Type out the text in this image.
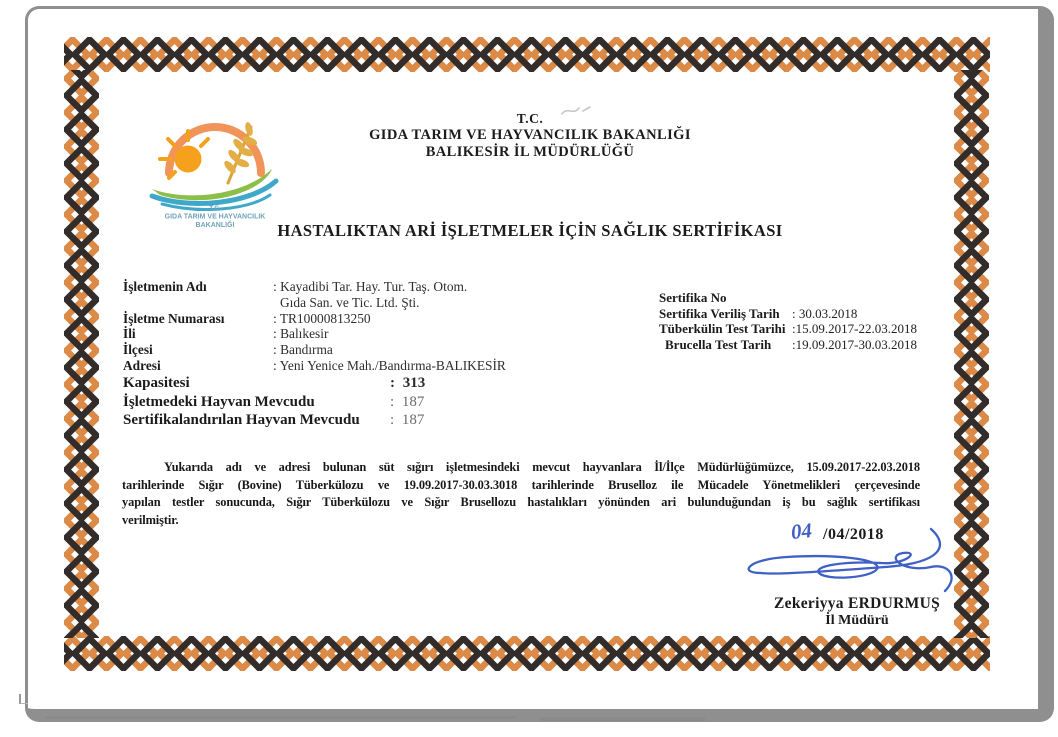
T.C.
GIDA TARIM VE HAYVANCILIK
BAKANLIĞI
T.C.
GIDA TARIM VE HAYVANCILIK BAKANLIĞI
BALIKESİR İL MÜDÜRLÜĞÜ
HASTALIKTAN ARİ İŞLETMELER İÇİN SAĞLIK SERTİFİKASI
İşletmenin Adı	: Kayadibi Tar. Hay. Tur. Taş. Otom.
Gıda San. ve Tic. Ltd. Şti.
İşletme Numarası	: TR10000813250
İli	: Balıkesir
İlçesi	: Bandırma
Adresi	: Yeni Yenice Mah./Bandırma-BALIKESİR
Kapasitesi	: 313
İşletmedeki Hayvan Mevcudu	: 187
Sertifikalandırılan Hayvan Mevcudu	: 187
Sertifika No
Sertifika Veriliş Tarih : 30.03.2018
Tüberkülin Test Tarihi :15.09.2017-22.03.2018
Brucella Test Tarih	:19.09.2017-30.03.2018
Yukarıda adı ve adresi bulunan süt sığırı işletmesindeki mevcut hayvanlara İl/İlçe Müdürlüğümüzce, 15.09.2017-22.03.2018
tarihlerinde Sığır (Bovine) Tüberkülozu ve 19.09.2017-30.03.3018 tarihlerinde Bruselloz ile Mücadele Yönetmelikleri çerçevesinde
yapılan testler sonucunda, Sığır Tüberkülozu ve Sığır Brusellozu hastalıkları yönünden ari bulunduğundan iş bu sağlık sertifikası
verilmiştir.
/04/2018
04
Zekeriyya ERDURMUŞ
İl Müdürü
